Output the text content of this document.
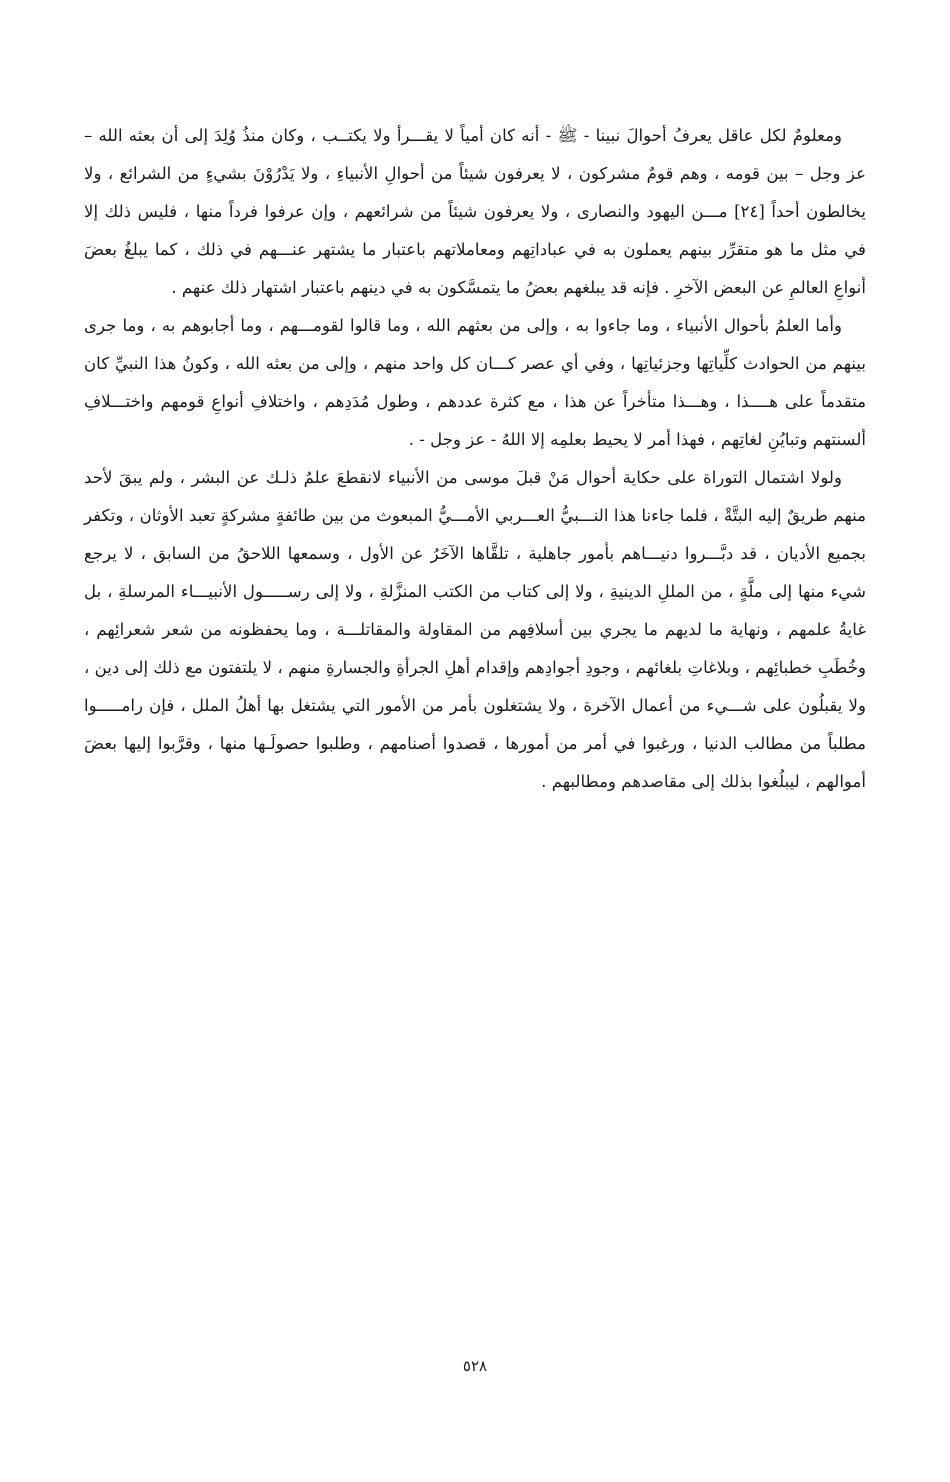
ومعلومٌ لكل عاقل يعرفُ أحوالَ نبينا - ﷺ - أنه كان أمياً لا يقـــرأ ولا يكتــب ، وكان منذُ وُلِدَ إلى أن بعثه الله – عز وجل – بين قومه ، وهم قومٌ مشركون ، لا يعرفون شيئاً من أحوالِ الأنبياءِ ، ولا يَدْرُوْنَ بشيءٍ من الشرائع ، ولا يخالطون أحداً [٢٤] مـــن اليهود والنصارى ، ولا يعرفون شيئاً من شرائعهم ، وإن عرفوا فرداً منها ، فليس ذلك إلا في مثل ما هو متقرِّر بينهم يعملون به في عباداتِهم ومعاملاتهم باعتبار ما يشتهر عنـــهم في ذلك ، كما يبلغُ بعضَ أنواعِ العالمِ عن البعض الآخرِ . فإنه قد يبلغهم بعضُ ما يتمسَّكون به في دينهم باعتبار اشتهار ذلك عنهم .

وأما العلمُ بأحوال الأنبياء ، وما جاءوا به ، وإلى من بعثهم الله ، وما قالوا لقومـــهم ، وما أجابوهم به ، وما جرى بينهم من الحوادث كلِّياتِها وجزئياتِها ، وفي أي عصر كـــان كل واحد منهم ، وإلى من بعثه الله ، وكونُ هذا النبيِّ كان متقدماً على هــــذا ، وهـــذا متأخراً عن هذا ، مع كثرة عددهم ، وطول مُدَدِهم ، واختلافِ أنواعِ قومهم واختـــلافِ ألسنتهم وتبايُنِ لغاتِهم ، فهذا أمر لا يحيط بعلمِه إلا اللهُ - عز وجل - .

ولولا اشتمال التوراة على حكاية أحوال مَنْ قبلَ موسى من الأنبياء لانقطعَ علمُ ذلـك عن البشر ، ولم يبقَ لأحد منهم طريقٌ إليه البتَّةْ ، فلما جاءنا هذا النـــبيُّ العـــربي الأمـــيُّ المبعوث من بين طائفةٍ مشركةٍ تعبد الأوثان ، وتكفر بجميع الأديان ، قد دبَّـــروا دنيـــاهم بأمور جاهلية ، تلقَّاها الآخَرُ عن الأول ، وسمعها اللاحقُ من السابق ، لا يرجع شيء منها إلى ملَّةٍ ، من المللِ الدينيةِ ، ولا إلى كتاب من الكتب المنزَّلةِ ، ولا إلى رســـــول الأنبيـــاء المرسلةِ ، بل غايةُ علمهم ، ونهاية ما لديهم ما يجري بين أسلافِهم من المقاولة والمقاتلـــة ، وما يحفظونه من شعر شعرائِهم ، وخُطَبِ خطبائِهم ، وبلاغاتِ بلغائهم ، وجودِ أجوادِهم وإقدام أهلِ الجرأةِ والجسارةِ منهم ، لا يلتفتون مع ذلك إلى دين ، ولا يقبلُون على شـــيء من أعمال الآخرة ، ولا يشتغلون بأمر من الأمور التي يشتغل بها أهلُ الملل ، فإن رامـــــوا مطلباً من مطالب الدنيا ، ورغبوا في أمر من أمورها ، قصدوا أصنامهم ، وطلبوا حصولَـها منها ، وقرَّبوا إليها بعضَ أموالهم ، ليبلُغوا بذلك إلى مقاصدهم ومطالبهم .

٥٢٨
